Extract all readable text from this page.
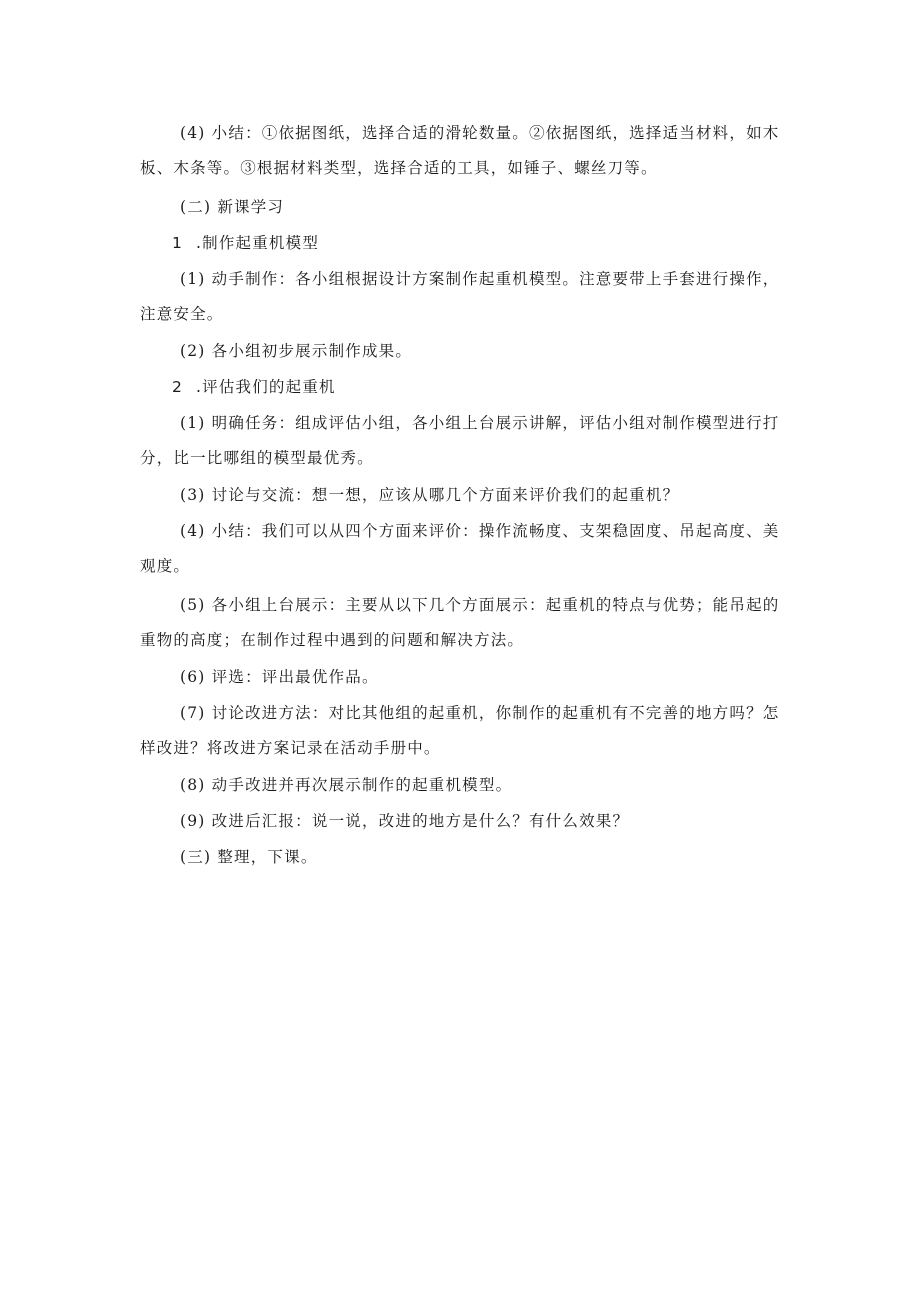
(4) 小结：①依据图纸，选择合适的滑轮数量。②依据图纸，选择适当材料，如木板、木条等。③根据材料类型，选择合适的工具，如锤子、螺丝刀等。

(二) 新课学习

1 .制作起重机模型

(1) 动手制作：各小组根据设计方案制作起重机模型。注意要带上手套进行操作，注意安全。

(2) 各小组初步展示制作成果。

2 .评估我们的起重机

(1) 明确任务：组成评估小组，各小组上台展示讲解，评估小组对制作模型进行打分，比一比哪组的模型最优秀。

(3) 讨论与交流：想一想，应该从哪几个方面来评价我们的起重机？

(4) 小结：我们可以从四个方面来评价：操作流畅度、支架稳固度、吊起高度、美观度。

(5) 各小组上台展示：主要从以下几个方面展示：起重机的特点与优势；能吊起的重物的高度；在制作过程中遇到的问题和解决方法。

(6) 评选：评出最优作品。

(7) 讨论改进方法：对比其他组的起重机，你制作的起重机有不完善的地方吗？怎样改进？将改进方案记录在活动手册中。

(8) 动手改进并再次展示制作的起重机模型。

(9) 改进后汇报：说一说，改进的地方是什么？有什么效果？

(三) 整理，下课。
